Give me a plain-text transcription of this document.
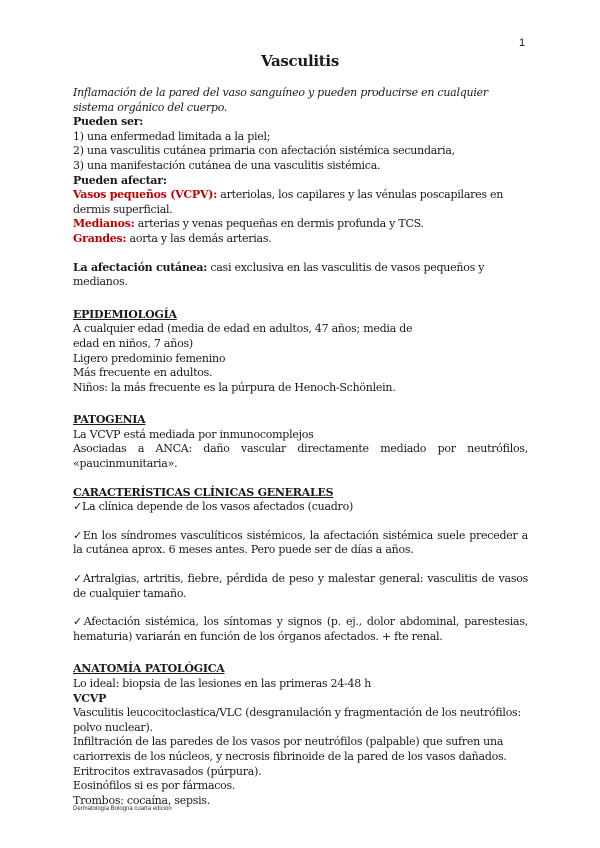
1
Vasculitis

Inflamación de la pared del vaso sanguíneo y pueden producirse en cualquier sistema orgánico del cuerpo.

Pueden ser:

1) una enfermedad limitada a la piel;

2) una vasculitis cutánea primaria con afectación sistémica secundaria,

3) una manifestación cutánea de una vasculitis sistémica.

Pueden afectar:

Vasos pequeños (VCPV): arteriolas, los capilares y las vénulas poscapilares en dermis superficial.

Medianos: arterias y venas pequeñas en dermis profunda y TCS.

Grandes: aorta y las demás arterias.

La afectación cutánea: casi exclusiva en las vasculitis de vasos pequeños y medianos.

EPIDEMIOLOGÍA

A cualquier edad (media de edad en adultos, 47 años; media de edad en niños, 7 años)

Ligero predominio femenino

Más frecuente en adultos.

Niños: la más frecuente es la púrpura de Henoch-Schönlein.

PATOGENIA

La VCVP está mediada por inmunocomplejos

Asociadas a ANCA: daño vascular directamente mediado por neutrófilos, «paucinmunitaria».

CARACTERÍSTICAS CLÍNICAS GENERALES

✓La clínica depende de los vasos afectados (cuadro)

✓En los síndromes vasculíticos sistémicos, la afectación sistémica suele preceder a la cutánea aprox. 6 meses antes. Pero puede ser de días a años.

✓Artralgias, artritis, fiebre, pérdida de peso y malestar general: vasculitis de vasos de cualquier tamaño.

✓Afectación sistémica, los síntomas y signos (p. ej., dolor abdominal, parestesias, hematuria) variarán en función de los órganos afectados. + fte renal.

ANATOMÍA PATOLÓGICA

Lo ideal: biopsia de las lesiones en las primeras 24-48 h

VCVP

Vasculitis leucocitoclastica/VLC (desgranulación y fragmentación de los neutrófilos: polvo nuclear).

Infiltración de las paredes de los vasos por neutrófilos (palpable) que sufren una cariorrexis de los núcleos, y necrosis fibrinoide de la pared de los vasos dañados.

Eritrocitos extravasados (púrpura).

Eosinófilos si es por fármacos.

Trombos: cocaína, sepsis.

Dermatología Bologna cuarta edición
